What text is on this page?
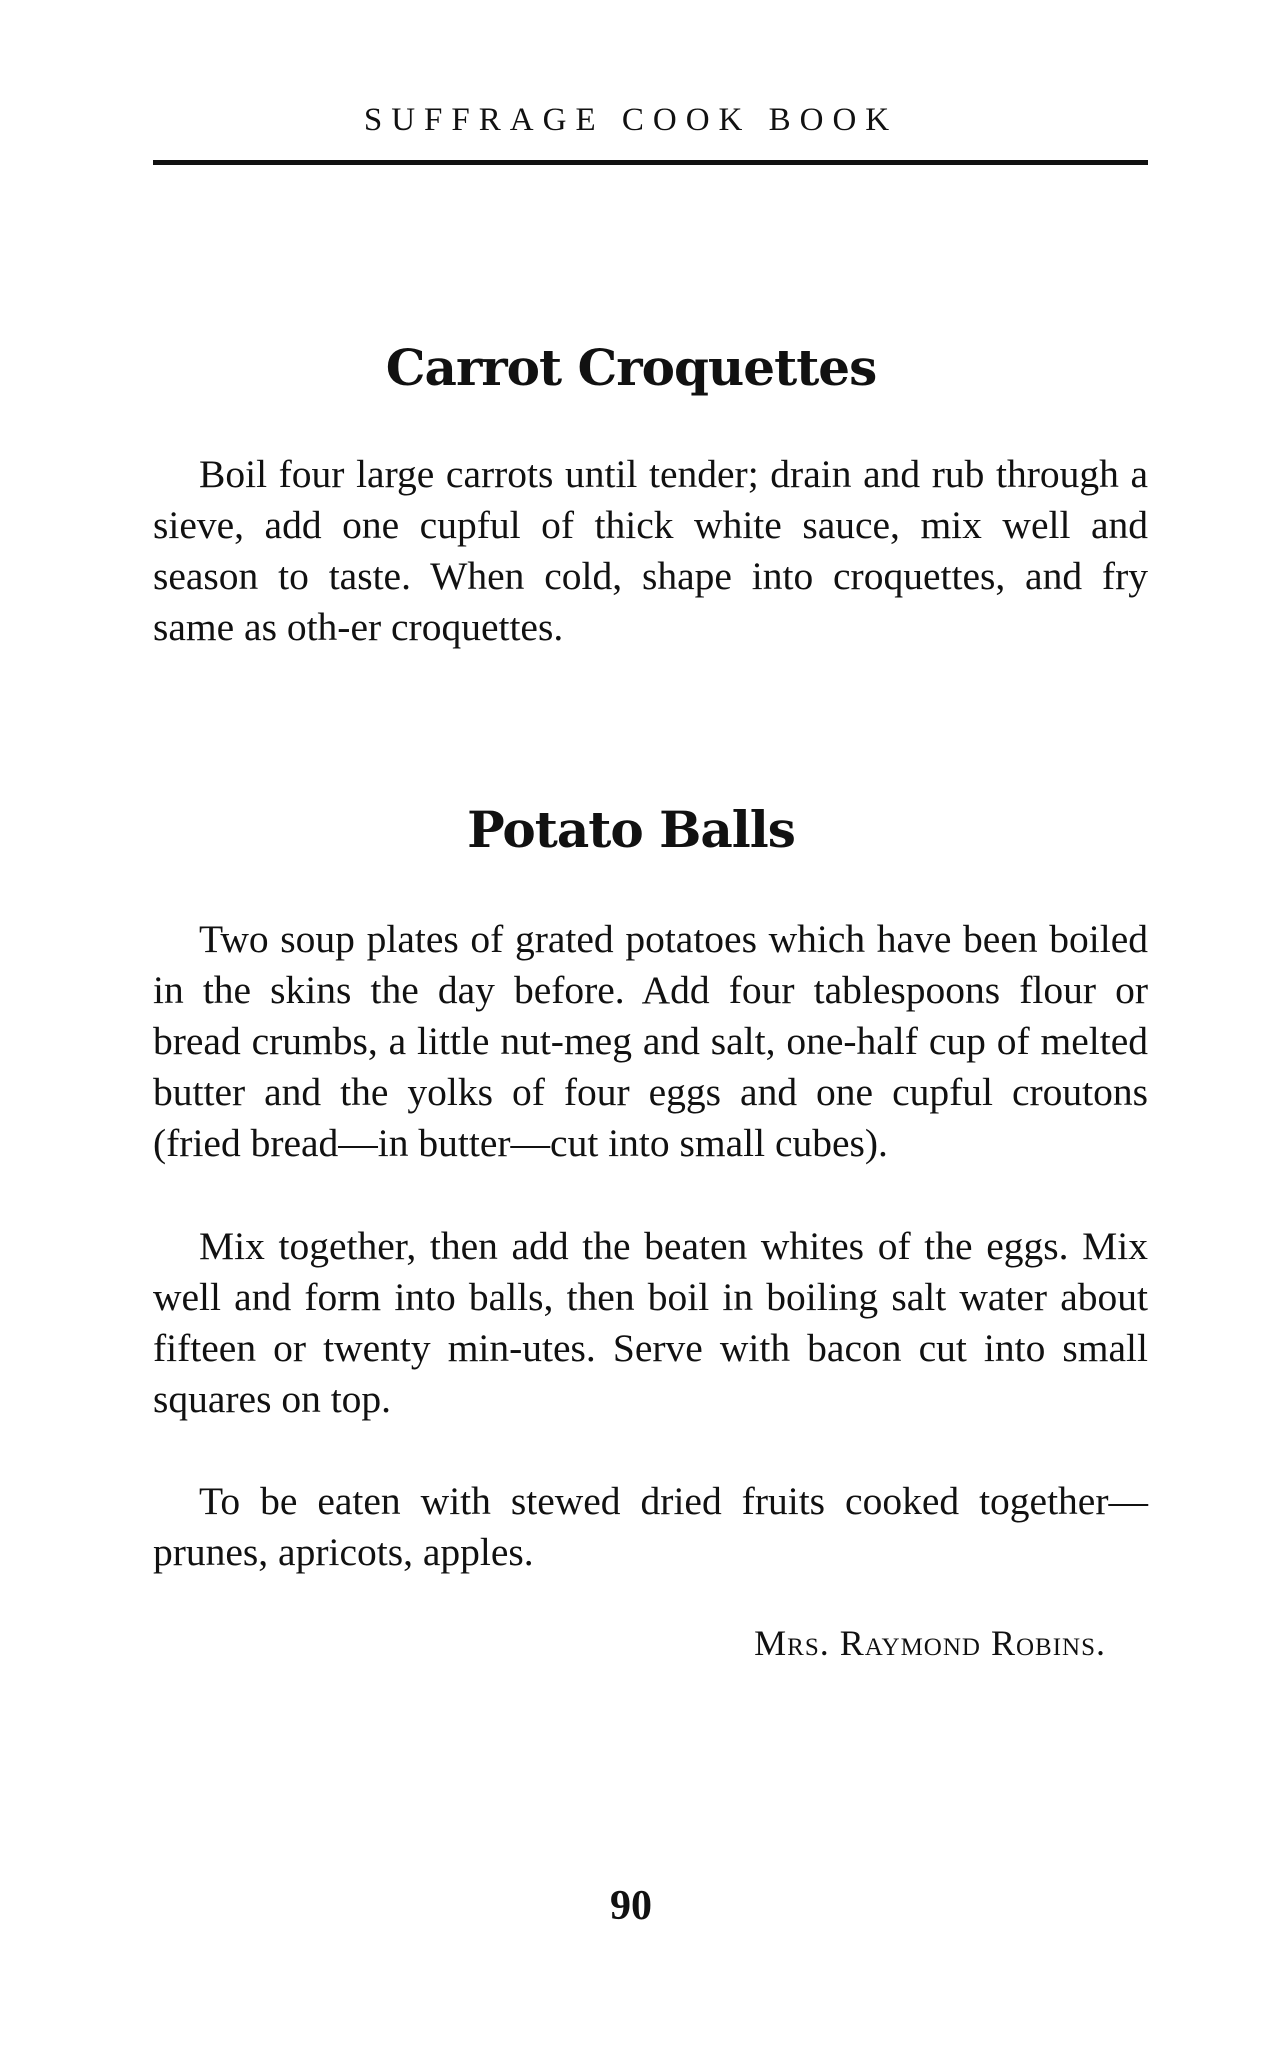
SUFFRAGE COOK BOOK
Carrot Croquettes

Boil four large carrots until tender; drain and rub through a sieve, add one cupful of thick white sauce, mix well and season to taste. When cold, shape into croquettes, and fry same as oth-er croquettes.

Potato Balls

Two soup plates of grated potatoes which have been boiled in the skins the day before. Add four tablespoons flour or bread crumbs, a little nut-meg and salt, one-half cup of melted butter and the yolks of four eggs and one cupful croutons (fried bread—in butter—cut into small cubes).

Mix together, then add the beaten whites of the eggs. Mix well and form into balls, then boil in boiling salt water about fifteen or twenty min-utes. Serve with bacon cut into small squares on top.

To be eaten with stewed dried fruits cooked together—prunes, apricots, apples.

Mrs. Raymond Robins.
90
